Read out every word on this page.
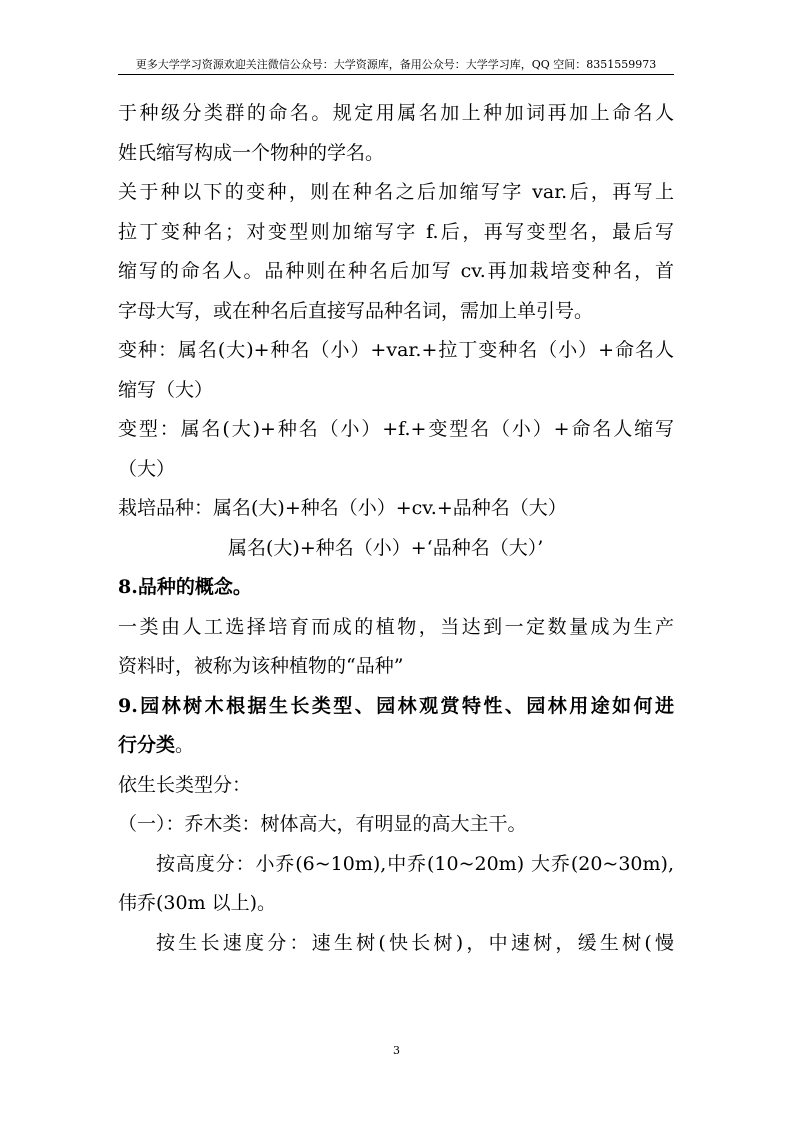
更多大学学习资源欢迎关注微信公众号：大学资源库，备用公众号：大学学习库，QQ 空间：8351559973
于种级分类群的命名。规定用属名加上种加词再加上命名人
姓氏缩写构成一个物种的学名。
关于种以下的变种，则在种名之后加缩写字 var.后，再写上
拉丁变种名；对变型则加缩写字 f.后，再写变型名，最后写
缩写的命名人。品种则在种名后加写 cv.再加栽培变种名，首
字母大写，或在种名后直接写品种名词，需加上单引号。
变种：属名(大)+种名（小）+var.+拉丁变种名（小）+命名人
缩写（大）
变型：属名(大)+种名（小）+f.+变型名（小）+命名人缩写
（大）
栽培品种：属名(大)+种名（小）+cv.+品种名（大）
属名(大)+种名（小）+‘品种名（大）’
8.品种的概念。
一类由人工选择培育而成的植物，当达到一定数量成为生产
资料时，被称为该种植物的“品种”
9.园林树木根据生长类型、园林观赏特性、园林用途如何进
行分类。
依生长类型分：
（一）：乔木类：树体高大，有明显的高大主干。
按高度分：小乔(6~10m),中乔(10~20m) 大乔(20~30m),
伟乔(30m 以上)。
按生长速度分：速生树(快长树)，中速树，缓生树(慢
3
